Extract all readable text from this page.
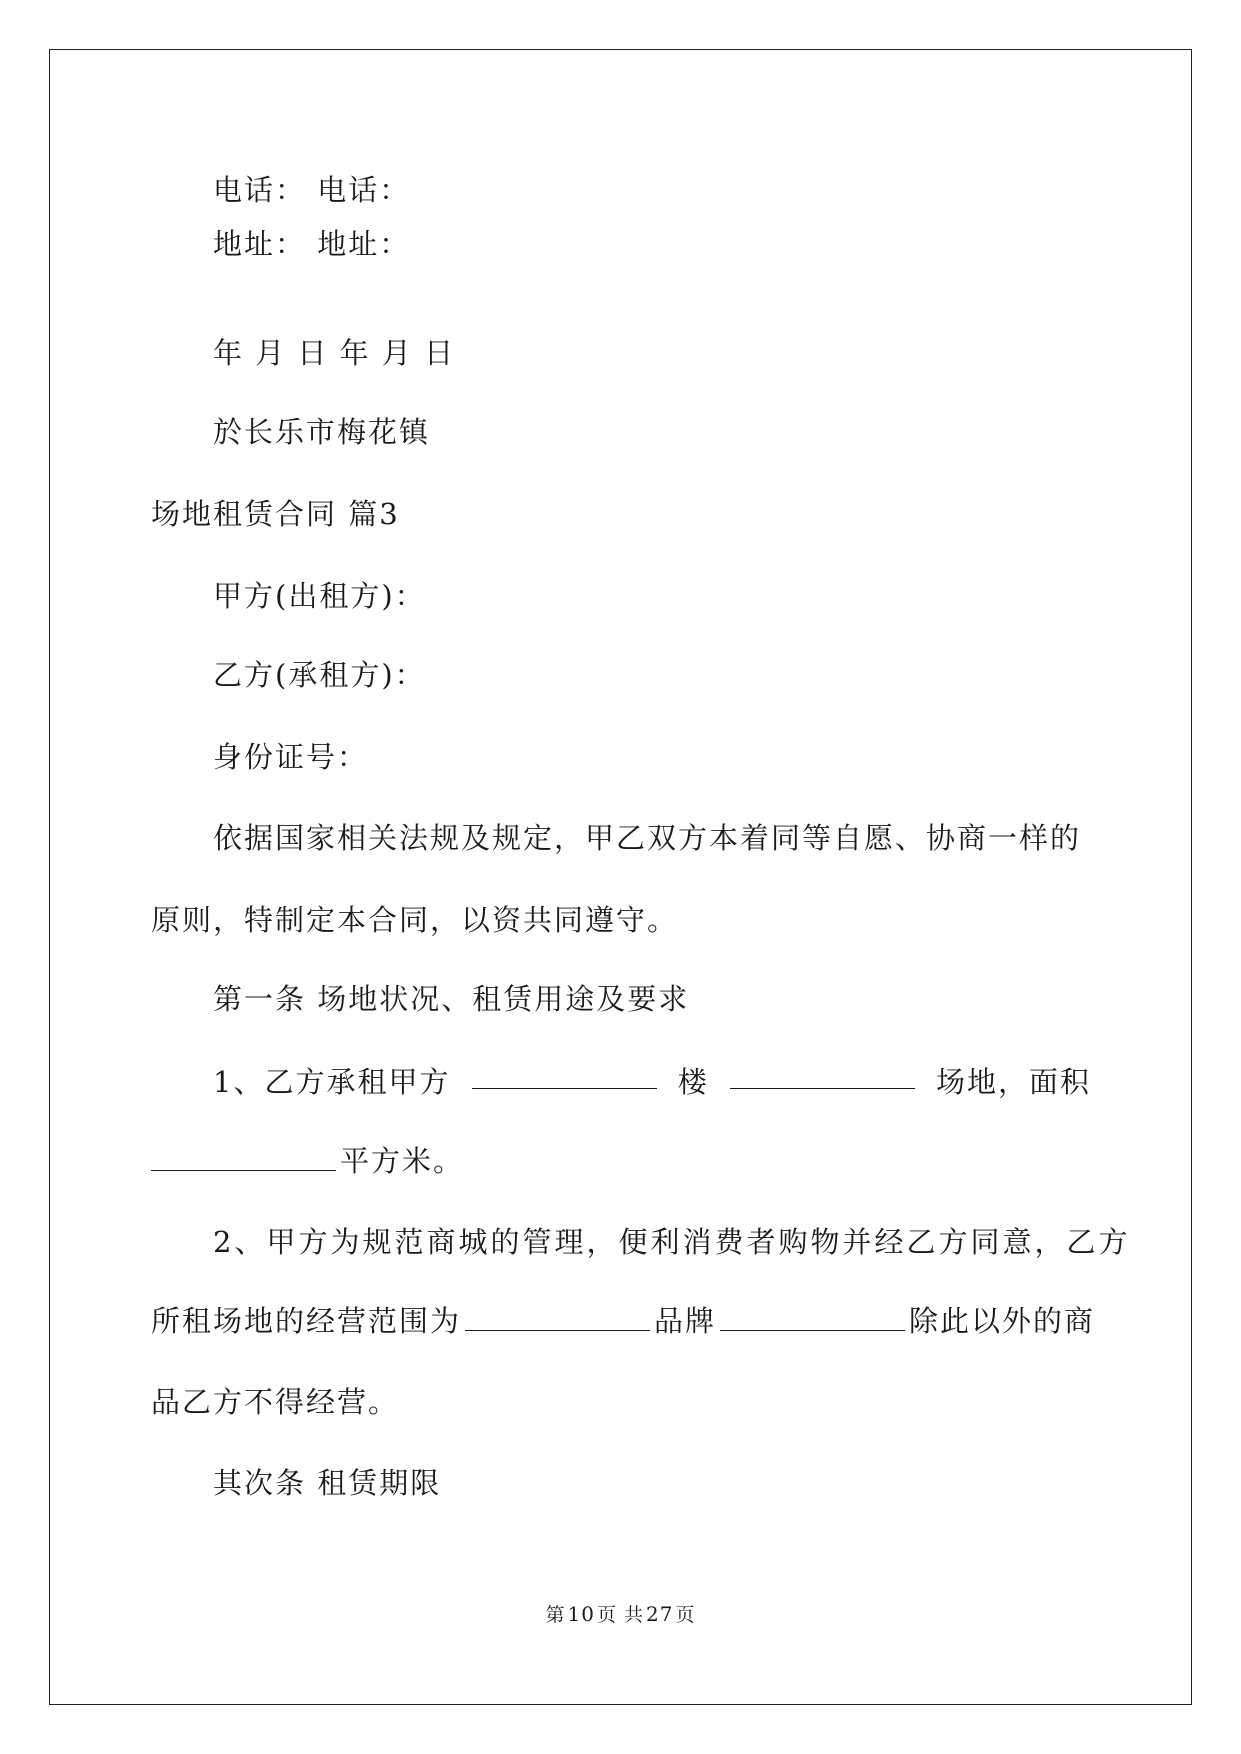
电话： 电话：

地址： 地址：

年 月 日 年 月 日

於长乐市梅花镇

场地租赁合同 篇3

甲方(出租方)：

乙方(承租方)：

身份证号：

依据国家相关法规及规定，甲乙双方本着同等自愿、协商一样的

原则，特制定本合同，以资共同遵守。

第一条 场地状况、租赁用途及要求

1、乙方承租甲方	楼	场地，面积

平方米。

2、甲方为规范商城的管理，便利消费者购物并经乙方同意，乙方

所租场地的经营范围为	品牌	除此以外的商

品乙方不得经营。

其次条 租赁期限

第 10 页 共 27 页
